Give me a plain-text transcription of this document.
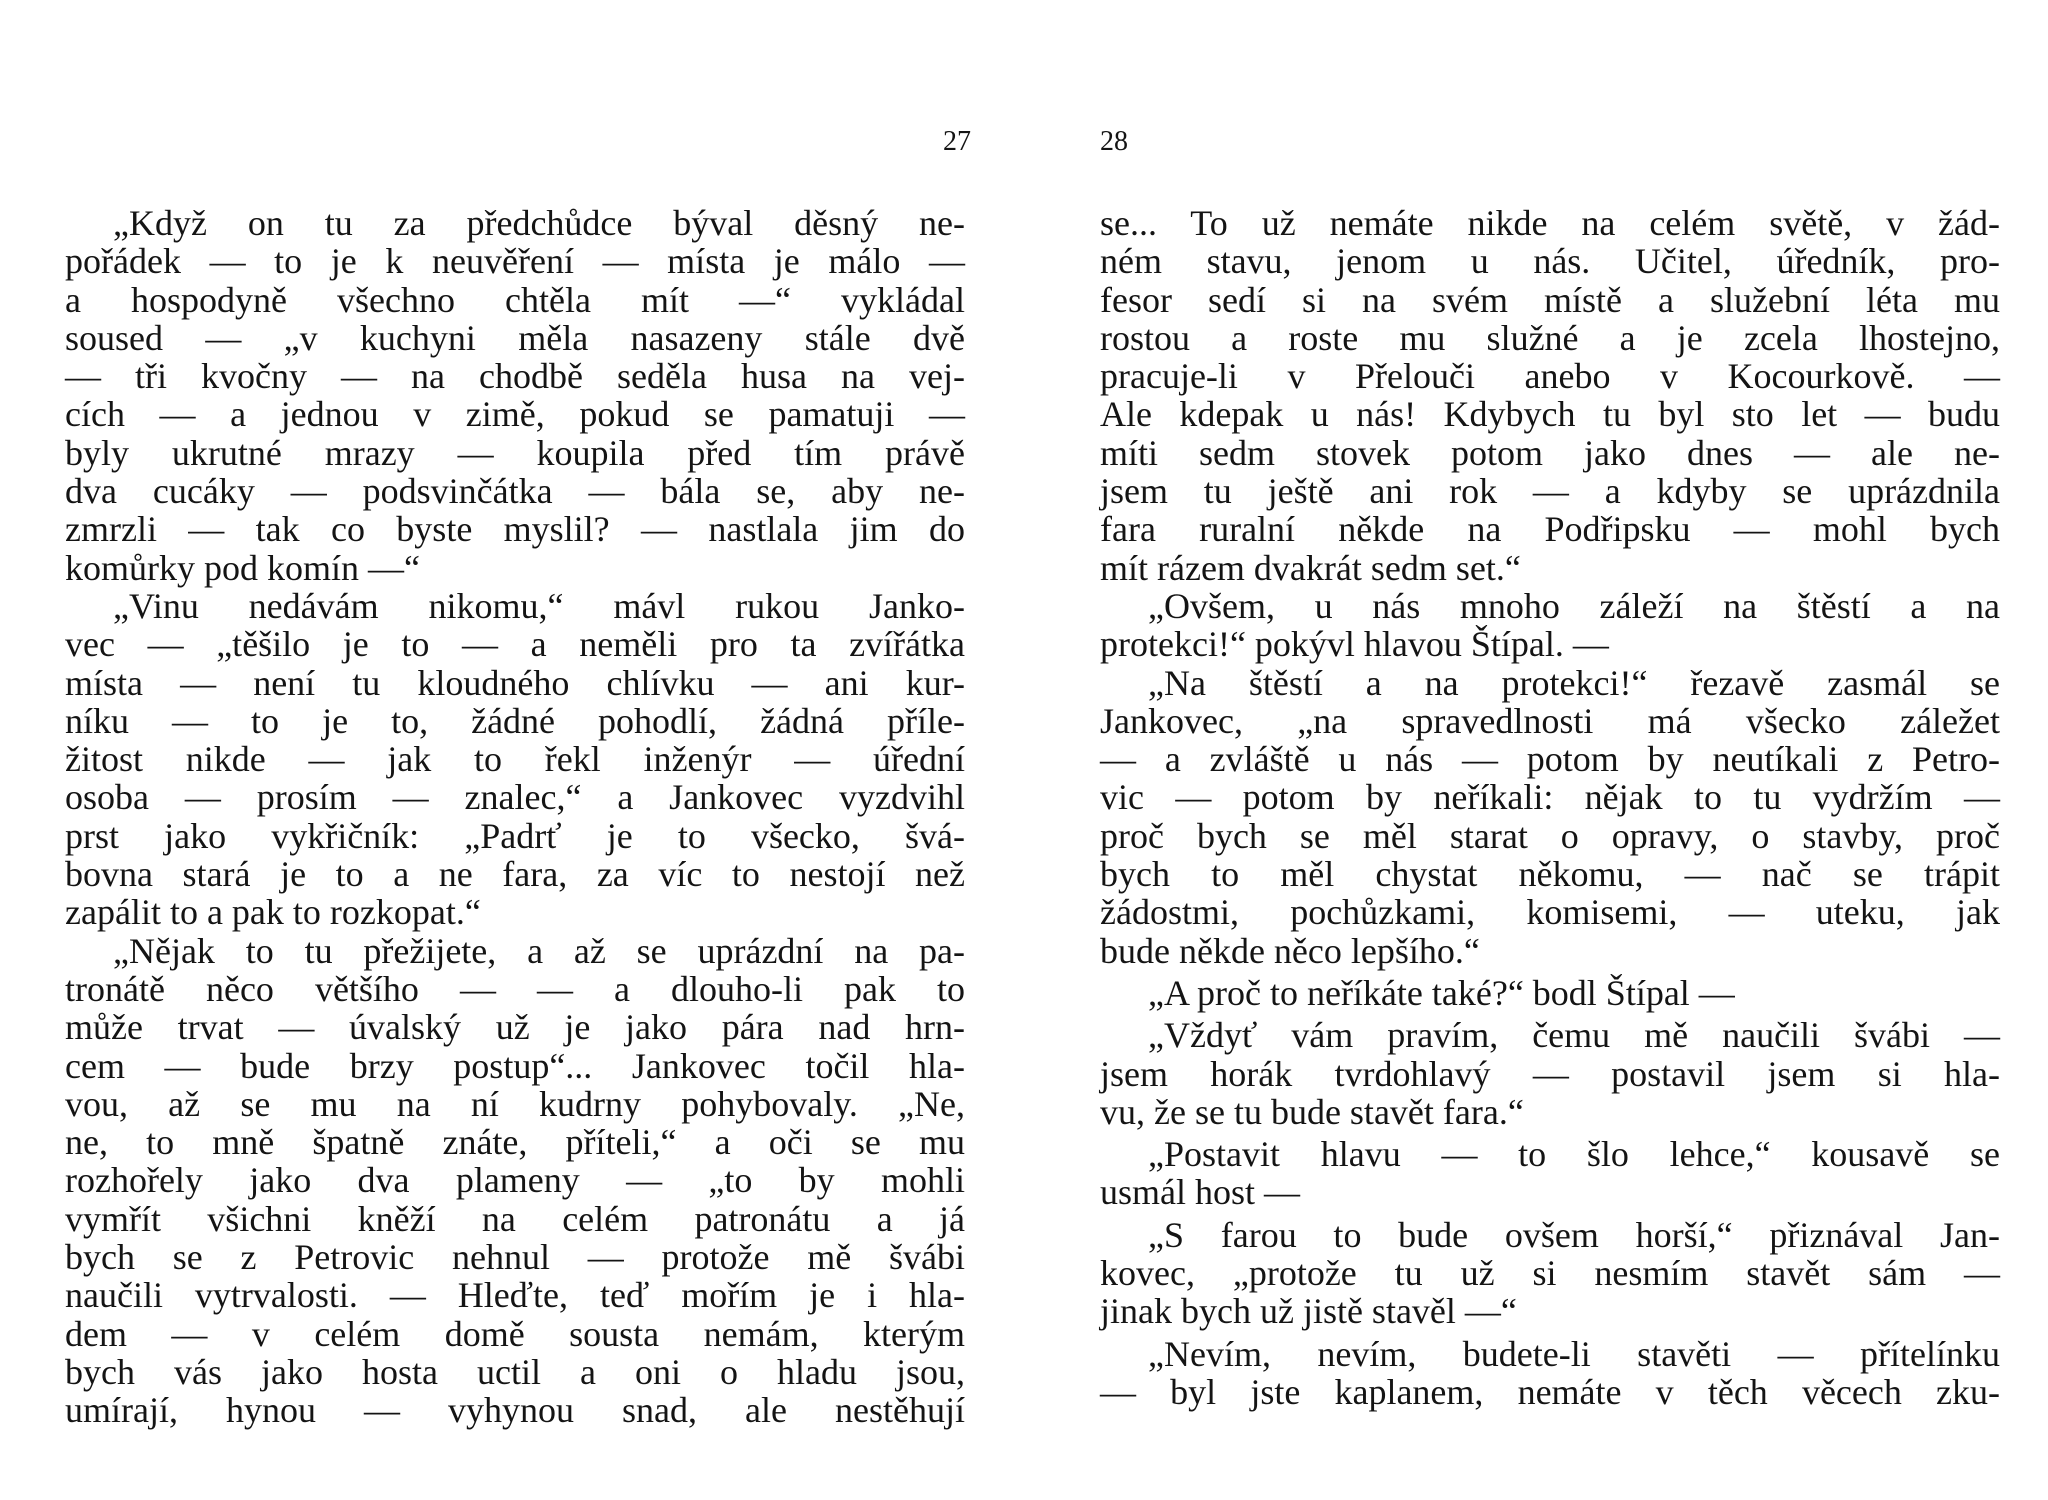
27
„Když on tu za předchůdce býval děsný ne-
pořádek — to je k neuvěření — místa je málo —
a hospodyně všechno chtěla mít —“ vykládal
soused — „v kuchyni měla nasazeny stále dvě
— tři kvočny — na chodbě seděla husa na vej-
cích — a jednou v zimě, pokud se pamatuji —
byly ukrutné mrazy — koupila před tím právě
dva cucáky — podsvinčátka — bála se, aby ne-
zmrzli — tak co byste myslil? — nastlala jim do
komůrky pod komín —“
„Vinu nedávám nikomu,“ mávl rukou Janko-
vec — „těšilo je to — a neměli pro ta zvířátka
místa — není tu kloudného chlívku — ani kur-
níku — to je to, žádné pohodlí, žádná příle-
žitost nikde — jak to řekl inženýr — úřední
osoba — prosím — znalec,“ a Jankovec vyzdvihl
prst jako vykřičník: „Padrť je to všecko, švá-
bovna stará je to a ne fara, za víc to nestojí než
zapálit to a pak to rozkopat.“
„Nějak to tu přežijete, a až se uprázdní na pa-
tronátě něco většího — — a dlouho-li pak to
může trvat — úvalský už je jako pára nad hrn-
cem — bude brzy postup“... Jankovec točil hla-
vou, až se mu na ní kudrny pohybovaly. „Ne,
ne, to mně špatně znáte, příteli,“ a oči se mu
rozhořely jako dva plameny — „to by mohli
vymřít všichni kněží na celém patronátu a já
bych se z Petrovic nehnul — protože mě švábi
naučili vytrvalosti. — Hleďte, teď mořím je i hla-
dem — v celém domě sousta nemám, kterým
bych vás jako hosta uctil a oni o hladu jsou,
umírají, hynou — vyhynou snad, ale nestěhují
28
se... To už nemáte nikde na celém světě, v žád-
ném stavu, jenom u nás. Učitel, úředník, pro-
fesor sedí si na svém místě a služební léta mu
rostou a roste mu služné a je zcela lhostejno,
pracuje-li v Přelouči anebo v Kocourkově. —
Ale kdepak u nás! Kdybych tu byl sto let — budu
míti sedm stovek potom jako dnes — ale ne-
jsem tu ještě ani rok — a kdyby se uprázdnila
fara ruralní někde na Podřipsku — mohl bych
mít rázem dvakrát sedm set.“
„Ovšem, u nás mnoho záleží na štěstí a na
protekci!“ pokývl hlavou Štípal. —
„Na štěstí a na protekci!“ řezavě zasmál se
Jankovec, „na spravedlnosti má všecko záležet
— a zvláště u nás — potom by neutíkali z Petro-
vic — potom by neříkali: nějak to tu vydržím —
proč bych se měl starat o opravy, o stavby, proč
bych to měl chystat někomu, — nač se trápit
žádostmi, pochůzkami, komisemi, — uteku, jak
bude někde něco lepšího.“
„A proč to neříkáte také?“ bodl Štípal —
„Vždyť vám pravím, čemu mě naučili švábi —
jsem horák tvrdohlavý — postavil jsem si hla-
vu, že se tu bude stavět fara.“
„Postavit hlavu — to šlo lehce,“ kousavě se
usmál host —
„S farou to bude ovšem horší,“ přiznával Jan-
kovec, „protože tu už si nesmím stavět sám —
jinak bych už jistě stavěl —“
„Nevím, nevím, budete-li stavěti — přítelínku
— byl jste kaplanem, nemáte v těch věcech zku-
